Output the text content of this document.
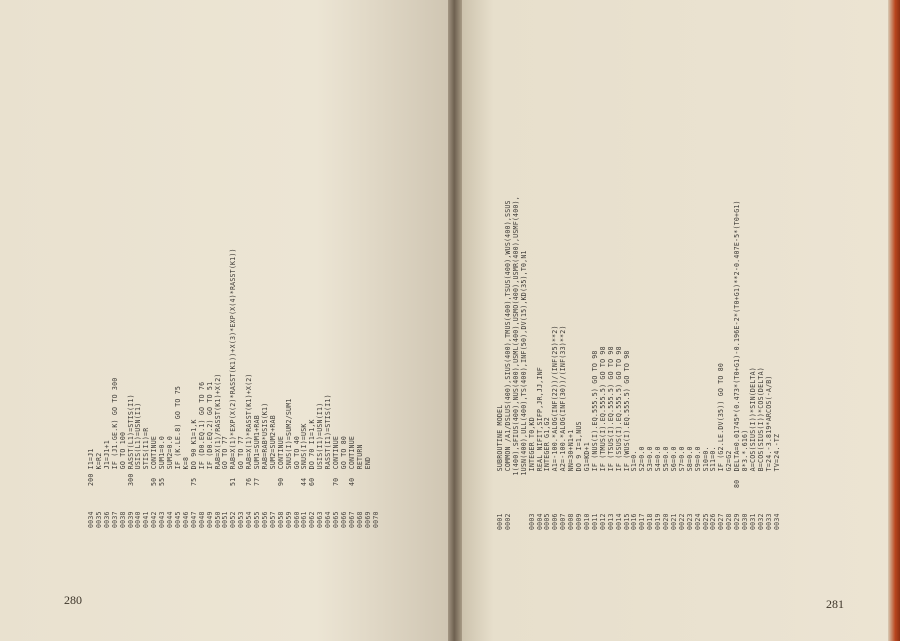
0034
200 I1=J1
0035
K=R2
0036
J1=J1+1
0037
IF (J1.GE.K) GO TO 300
0038
GO TO 100
0039
300 RASST(L1)=STIS(I1)
0040
USIS(L1)=USN(I1)
0041
STIS(I1)=R
0042
50  CONTINUE
0043
55  SUM1=0.0
0044
SUM2=0.0
0045
IF (K.LE.8) GO TO 75
0046
K=8
0047
75  DO 90 K1=1,K
0048
IF (D0.EQ.1) GO TO 76
0049
IF (D0.EQ.2) GO TO 51
0050
RAB=X(1)/RASST(K1)+X(2)
0051
GO TO 77
0052
51  RAB=X(1)*EXP(X(2)*RASST(K1))+X(3)*EXP(X(4)*RASST(K1))
0053
GO TO 77
0054
76  RAB=X(1)*RASST(K1)+X(2)
0055
77  SUM1=SUM1+RAB
0056
RAB=RAB*USIS(K1)
0057
SUM2=SUM2+RAB
0058
90  CONTINUE
0059
SNUS(I)=SUM2/SUM1
0060
GO TO 40
0061
44  SNUS(I)=USK
0062
60  DO 70 I1=1,K
0063
USIS(I1)=USN(I1)
0064
RASST(I1)=STIS(I1)
0065
70  CONTINUE
0066
GO TO 80
0067
40  CONTINUE
0068
RETURN
0069
END
0070	0001
SUBROUTINE MODEL
0002
COMMON /A1/DSLUS(400),SIUS(400),TMUS(400),TSUS(400),WUS(400),SSUS 1(400),SFIUS(400),NUS(400),USML(400),USMO(400),USMR(400),USMF(400), 1USN(400),ULL(400),TS(400),INF(50),DV(15),KD(35),T0,N1
0003
INTEGER T0,KD
0004
REAL NIFIT,SIFP,JR,JJ,INF
0005
INTEGER G1,G2
0006
A1=-100.*ALOG(INF(22))/(INF(25)**2)
0007
A2=-100.*ALOG(INF(30))/(INF(33)**2)
0008
NN=30+N1+1
0009
DO 9 I=1,NUS
0010
G1=KD+1
0011
IF (NUS(I).EQ.555.5) GO TO 98
0012
IF (TMUS(I).EQ.555.5) GO TO 98
0013
IF (TSUS(I).EQ.555.5) GO TO 98
0014
IF (SSUS(I).EQ.555.5) GO TO 98
0015
IF (WUS(I).EQ.555.5) GO TO 98
0016
S1=0.
0017
S2=0.0
0018
S3=0.0
0019
S4=0.0
0020
S5=0.0
0021
S6=0.0
0022
S7=0.0
0023
S8=0.0
0024
S9=0.0
0025
S10=0.
0026
S11=0.
0027
IF (G2.LE.DV(35)) GO TO 80
0028
G2=G2
0029
80  DELTA=0.01745*(0.473*(T0+G1)-0.196E-2*(T0+G1)**2-0.407E-5*(T0+G1)
0030
8*3.*.616)
0031
A=COS(SIUS(I))*SIN(DELTA)
0032
B=COS(SIUS(I))*COS(DELTA)
0033
T=24.-3.819*ARCOS(-A/B)
0034
TV=24.-TZ
280	281
